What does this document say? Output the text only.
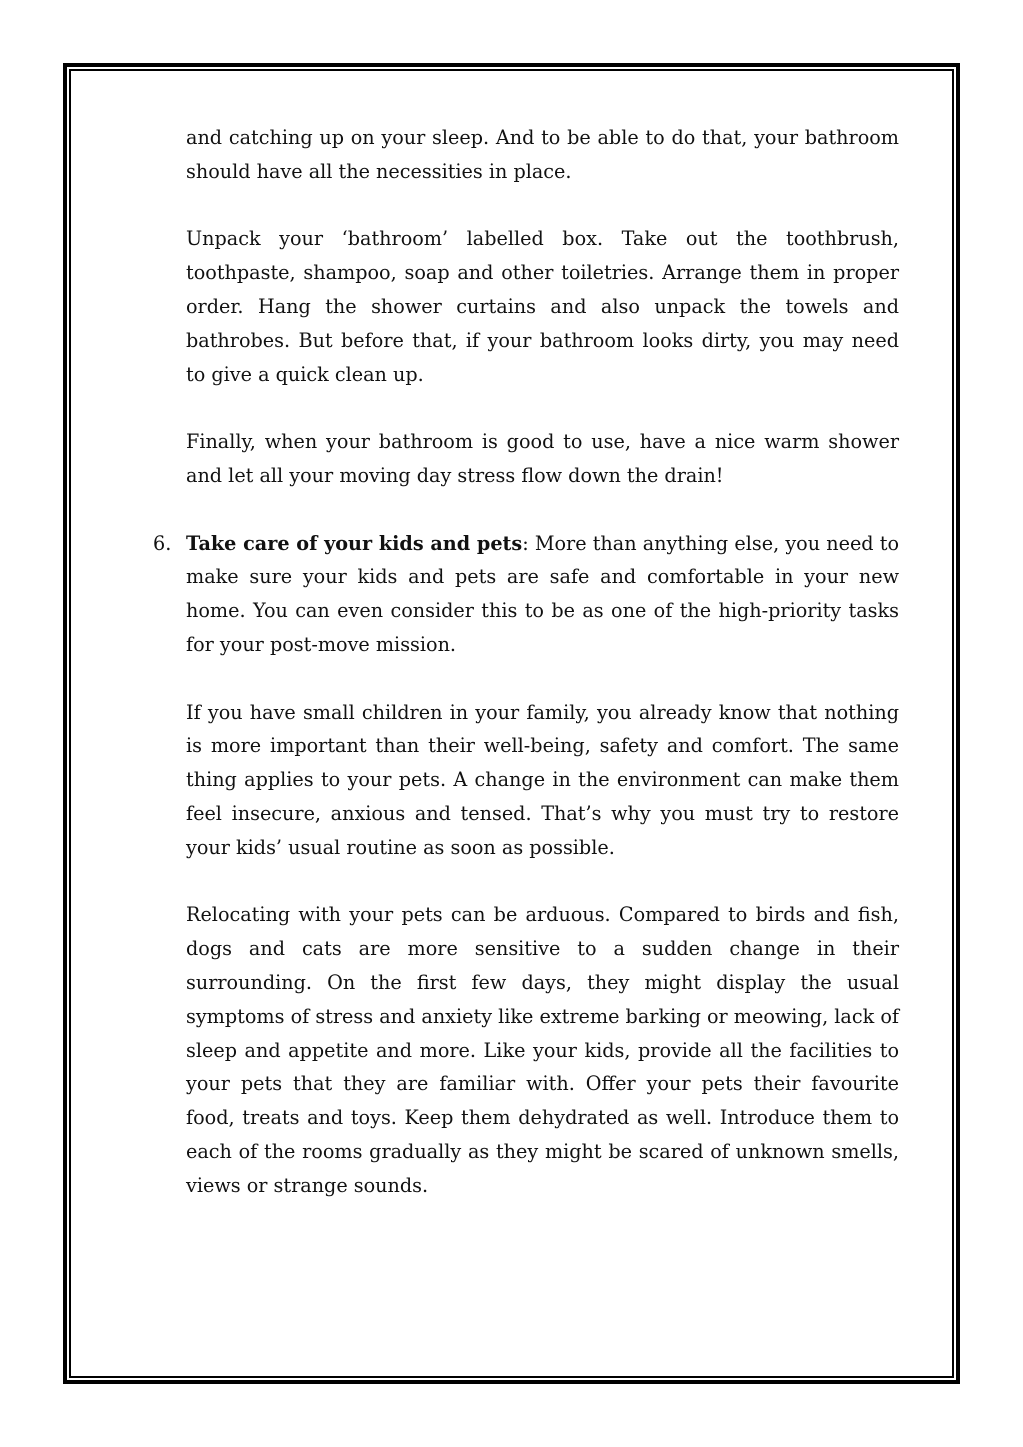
and catching up on your sleep. And to be able to do that, your bathroom should have all the necessities in place.

Unpack your ‘bathroom’ labelled box. Take out the toothbrush, toothpaste, shampoo, soap and other toiletries. Arrange them in proper order. Hang the shower curtains and also unpack the towels and bathrobes. But before that, if your bathroom looks dirty, you may need to give a quick clean up.

Finally, when your bathroom is good to use, have a nice warm shower and let all your moving day stress flow down the drain!

6. Take care of your kids and pets: More than anything else, you need to make sure your kids and pets are safe and comfortable in your new home. You can even consider this to be as one of the high-priority tasks for your post-move mission.

If you have small children in your family, you already know that nothing is more important than their well-being, safety and comfort. The same thing applies to your pets. A change in the environment can make them feel insecure, anxious and tensed. That’s why you must try to restore your kids’ usual routine as soon as possible.

Relocating with your pets can be arduous. Compared to birds and fish, dogs and cats are more sensitive to a sudden change in their surrounding. On the first few days, they might display the usual symptoms of stress and anxiety like extreme barking or meowing, lack of sleep and appetite and more. Like your kids, provide all the facilities to your pets that they are familiar with. Offer your pets their favourite food, treats and toys. Keep them dehydrated as well. Introduce them to each of the rooms gradually as they might be scared of unknown smells, views or strange sounds.
